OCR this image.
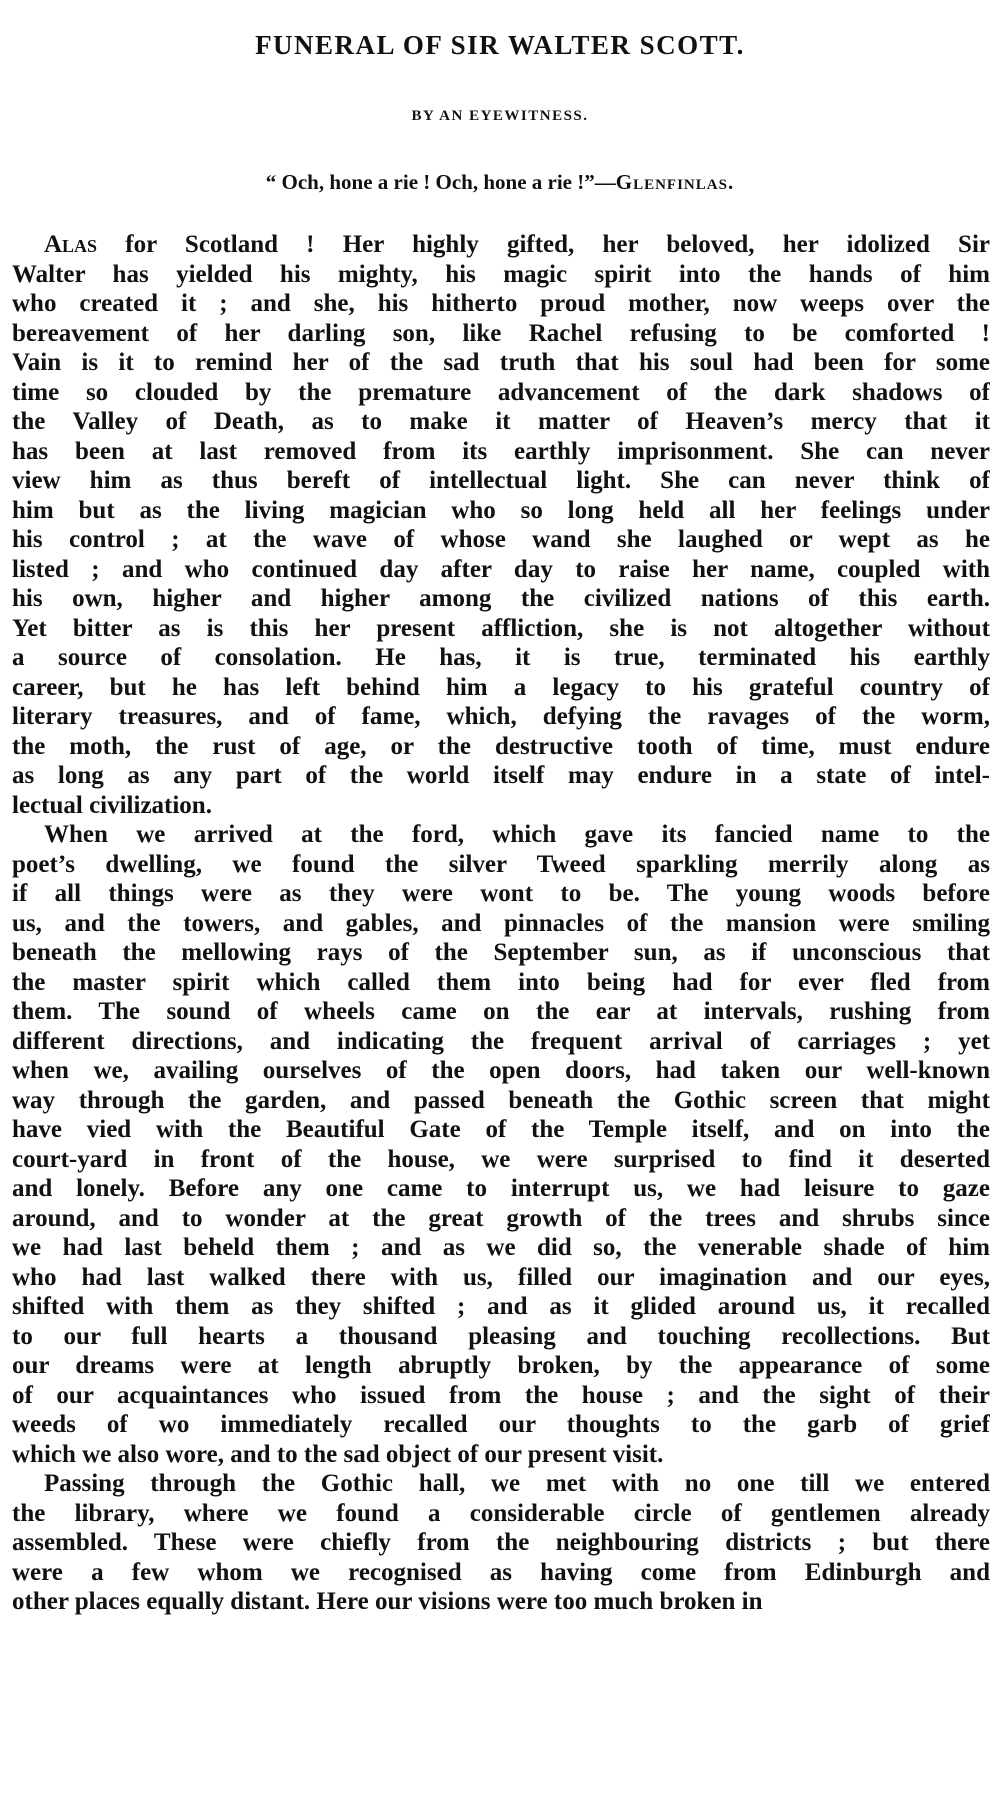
FUNERAL OF SIR WALTER SCOTT.
BY AN EYEWITNESS.
“ Och, hone a rie ! Och, hone a rie !”—Glenfinlas.
Alas for Scotland ! Her highly gifted, her beloved, her idolized Sir
Walter has yielded his mighty, his magic spirit into the hands of him
who created it ; and she, his hitherto proud mother, now weeps over the
bereavement of her darling son, like Rachel refusing to be comforted !
Vain is it to remind her of the sad truth that his soul had been for some
time so clouded by the premature advancement of the dark shadows of
the Valley of Death, as to make it matter of Heaven’s mercy that it
has been at last removed from its earthly imprisonment. She can never
view him as thus bereft of intellectual light. She can never think of
him but as the living magician who so long held all her feelings under
his control ; at the wave of whose wand she laughed or wept as he
listed ; and who continued day after day to raise her name, coupled with
his own, higher and higher among the civilized nations of this earth.
Yet bitter as is this her present affliction, she is not altogether without
a source of consolation. He has, it is true, terminated his earthly
career, but he has left behind him a legacy to his grateful country of
literary treasures, and of fame, which, defying the ravages of the worm,
the moth, the rust of age, or the destructive tooth of time, must endure
as long as any part of the world itself may endure in a state of intel-
lectual civilization.
When we arrived at the ford, which gave its fancied name to the
poet’s dwelling, we found the silver Tweed sparkling merrily along as
if all things were as they were wont to be. The young woods before
us, and the towers, and gables, and pinnacles of the mansion were smiling
beneath the mellowing rays of the September sun, as if unconscious that
the master spirit which called them into being had for ever fled from
them. The sound of wheels came on the ear at intervals, rushing from
different directions, and indicating the frequent arrival of carriages ; yet
when we, availing ourselves of the open doors, had taken our well-known
way through the garden, and passed beneath the Gothic screen that might
have vied with the Beautiful Gate of the Temple itself, and on into the
court-yard in front of the house, we were surprised to find it deserted
and lonely. Before any one came to interrupt us, we had leisure to gaze
around, and to wonder at the great growth of the trees and shrubs since
we had last beheld them ; and as we did so, the venerable shade of him
who had last walked there with us, filled our imagination and our eyes,
shifted with them as they shifted ; and as it glided around us, it recalled
to our full hearts a thousand pleasing and touching recollections. But
our dreams were at length abruptly broken, by the appearance of some
of our acquaintances who issued from the house ; and the sight of their
weeds of wo immediately recalled our thoughts to the garb of grief
which we also wore, and to the sad object of our present visit.
Passing through the Gothic hall, we met with no one till we entered
the library, where we found a considerable circle of gentlemen already
assembled. These were chiefly from the neighbouring districts ; but there
were a few whom we recognised as having come from Edinburgh and
other places equally distant. Here our visions were too much broken in
